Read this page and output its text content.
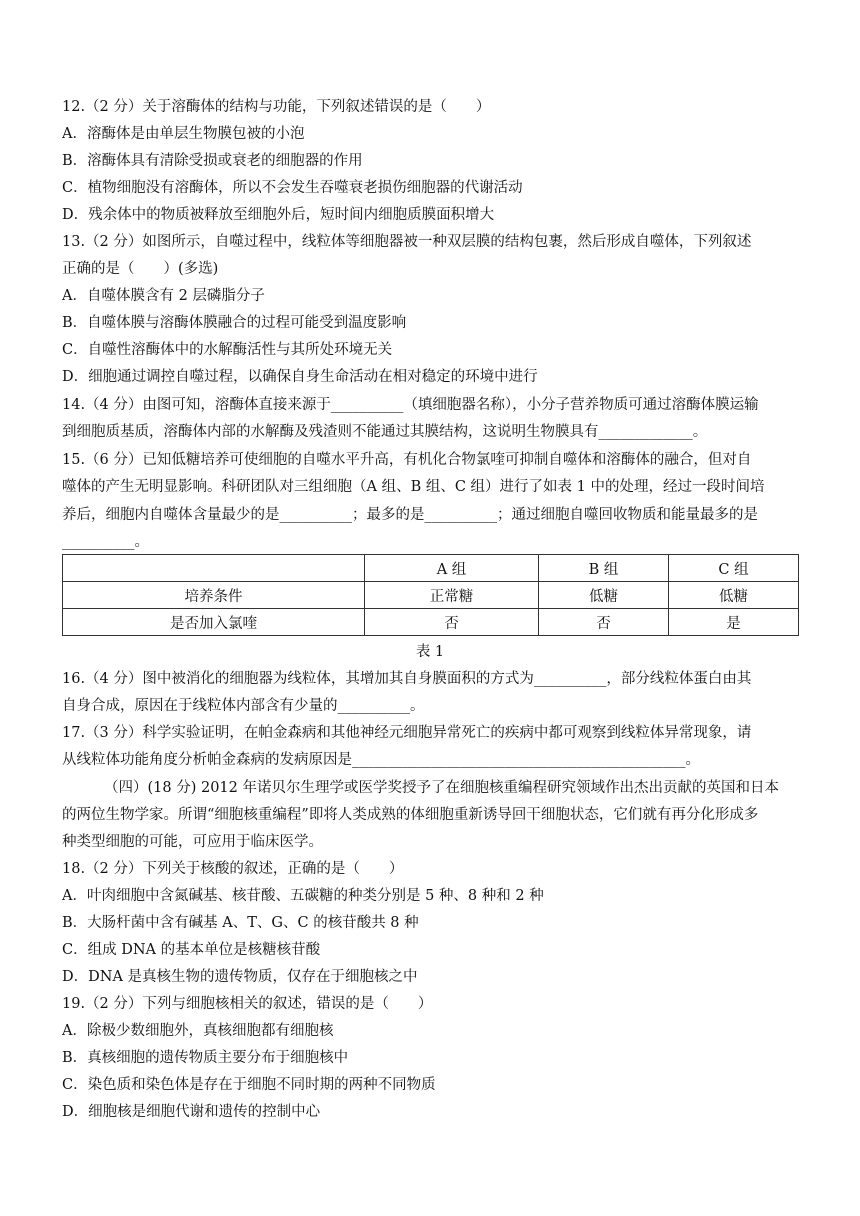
12.（2 分）关于溶酶体的结构与功能，下列叙述错误的是（　　）
A．溶酶体是由单层生物膜包被的小泡
B．溶酶体具有清除受损或衰老的细胞器的作用
C．植物细胞没有溶酶体，所以不会发生吞噬衰老损伤细胞器的代谢活动
D．残余体中的物质被释放至细胞外后，短时间内细胞质膜面积增大
13.（2 分）如图所示，自噬过程中，线粒体等细胞器被一种双层膜的结构包裹，然后形成自噬体，下列叙述
正确的是（　　）(多选)
A．自噬体膜含有 2 层磷脂分子
B．自噬体膜与溶酶体膜融合的过程可能受到温度影响
C．自噬性溶酶体中的水解酶活性与其所处环境无关
D．细胞通过调控自噬过程，以确保自身生命活动在相对稳定的环境中进行
14.（4 分）由图可知，溶酶体直接来源于__________（填细胞器名称），小分子营养物质可通过溶酶体膜运输
到细胞质基质，溶酶体内部的水解酶及残渣则不能通过其膜结构，这说明生物膜具有_____________。
15.（6 分）已知低糖培养可使细胞的自噬水平升高，有机化合物氯喹可抑制自噬体和溶酶体的融合，但对自
噬体的产生无明显影响。科研团队对三组细胞（A 组、B 组、C 组）进行了如表 1 中的处理，经过一段时间培
养后，细胞内自噬体含量最少的是__________；最多的是__________；通过细胞自噬回收物质和能量最多的是
__________。
	A 组	B 组	C 组
培养条件	正常糖	低糖	低糖
是否加入氯喹	否	否	是
表 1
16.（4 分）图中被消化的细胞器为线粒体，其增加其自身膜面积的方式为__________，部分线粒体蛋白由其
自身合成，原因在于线粒体内部含有少量的__________。
17.（3 分）科学实验证明，在帕金森病和其他神经元细胞异常死亡的疾病中都可观察到线粒体异常现象，请
从线粒体功能角度分析帕金森病的发病原因是______________________________________________。
（四）(18 分) 2012 年诺贝尔生理学或医学奖授予了在细胞核重编程研究领域作出杰出贡献的英国和日本
的两位生物学家。所谓“细胞核重编程”即将人类成熟的体细胞重新诱导回干细胞状态，它们就有再分化形成多
种类型细胞的可能，可应用于临床医学。
18.（2 分）下列关于核酸的叙述，正确的是（　　）
A．叶肉细胞中含氮碱基、核苷酸、五碳糖的种类分别是 5 种、8 种和 2 种
B．大肠杆菌中含有碱基 A、T、G、C 的核苷酸共 8 种
C．组成 DNA 的基本单位是核糖核苷酸
D．DNA 是真核生物的遗传物质，仅存在于细胞核之中
19.（2 分）下列与细胞核相关的叙述，错误的是（　　）
A．除极少数细胞外，真核细胞都有细胞核
B．真核细胞的遗传物质主要分布于细胞核中
C．染色质和染色体是存在于细胞不同时期的两种不同物质
D．细胞核是细胞代谢和遗传的控制中心
